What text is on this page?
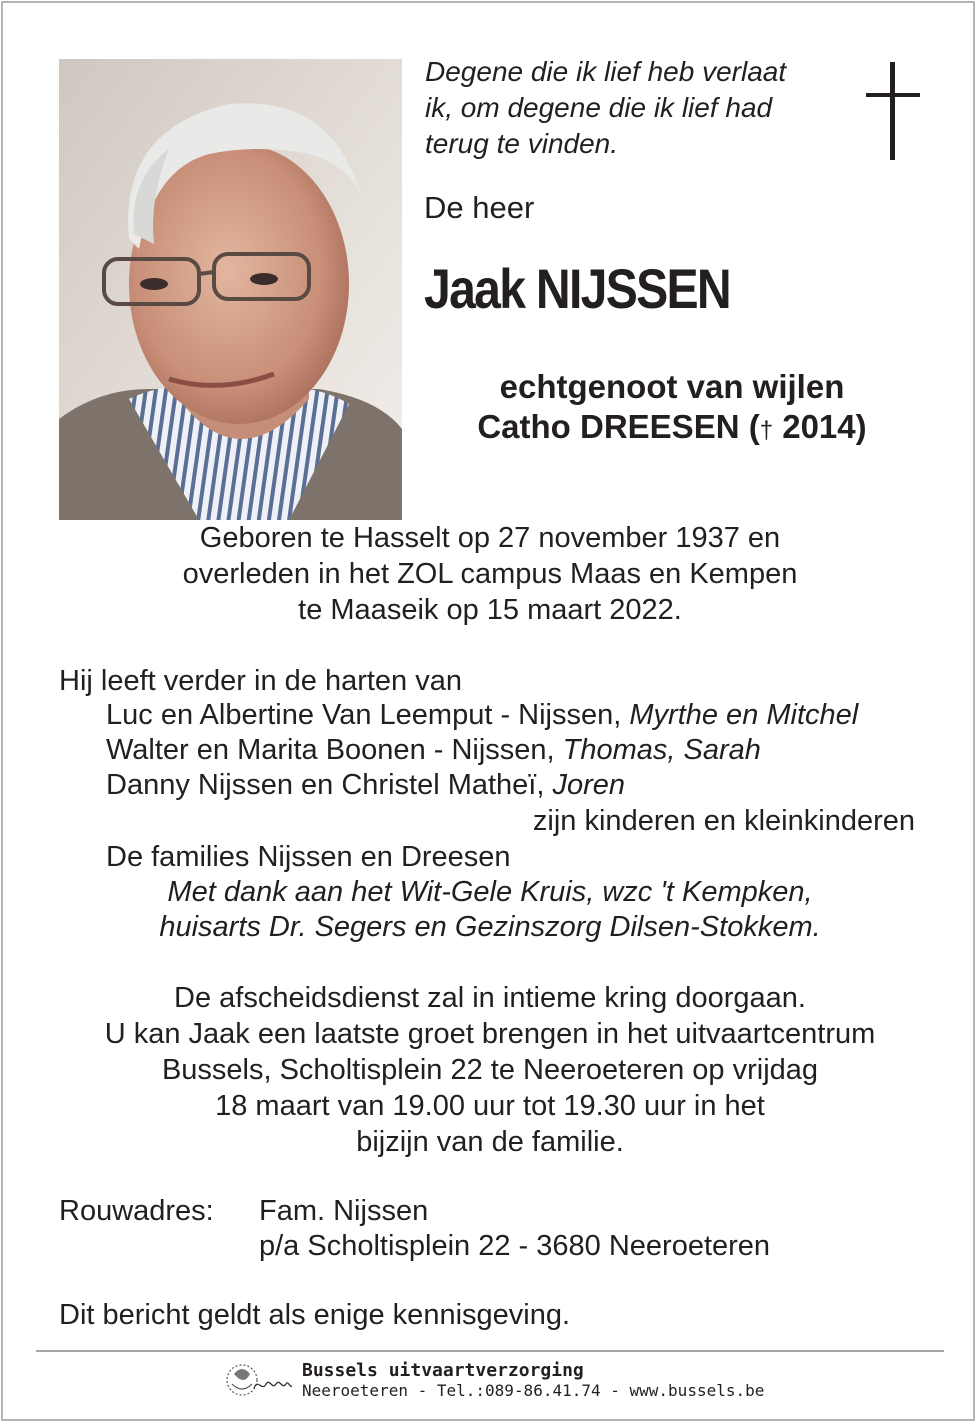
Degene die ik lief heb verlaat
ik, om degene die ik lief had
terug te vinden.
De heer
Jaak NIJSSEN
echtgenoot van wijlen
Catho DREESEN († 2014)
Geboren te Hasselt op 27 november 1937 en
overleden in het ZOL campus Maas en Kempen
te Maaseik op 15 maart 2022.
Hij leeft verder in de harten van
Luc en Albertine Van Leemput - Nijssen, Myrthe en Mitchel
Walter en Marita Boonen - Nijssen, Thomas, Sarah
Danny Nijssen en Christel Matheï, Joren
zijn kinderen en kleinkinderen
De families Nijssen en Dreesen
Met dank aan het Wit-Gele Kruis, wzc 't Kempken,
huisarts Dr. Segers en Gezinszorg Dilsen-Stokkem.
De afscheidsdienst zal in intieme kring doorgaan.
U kan Jaak een laatste groet brengen in het uitvaartcentrum
Bussels, Scholtisplein 22 te Neeroeteren op vrijdag
18 maart van 19.00 uur tot 19.30 uur in het
bijzijn van de familie.
Rouwadres: Fam. Nijssen
p/a Scholtisplein 22 - 3680 Neeroeteren
Dit bericht geldt als enige kennisgeving.
Bussels uitvaartverzorging
Neeroeteren - Tel.:089-86.41.74 - www.bussels.be
